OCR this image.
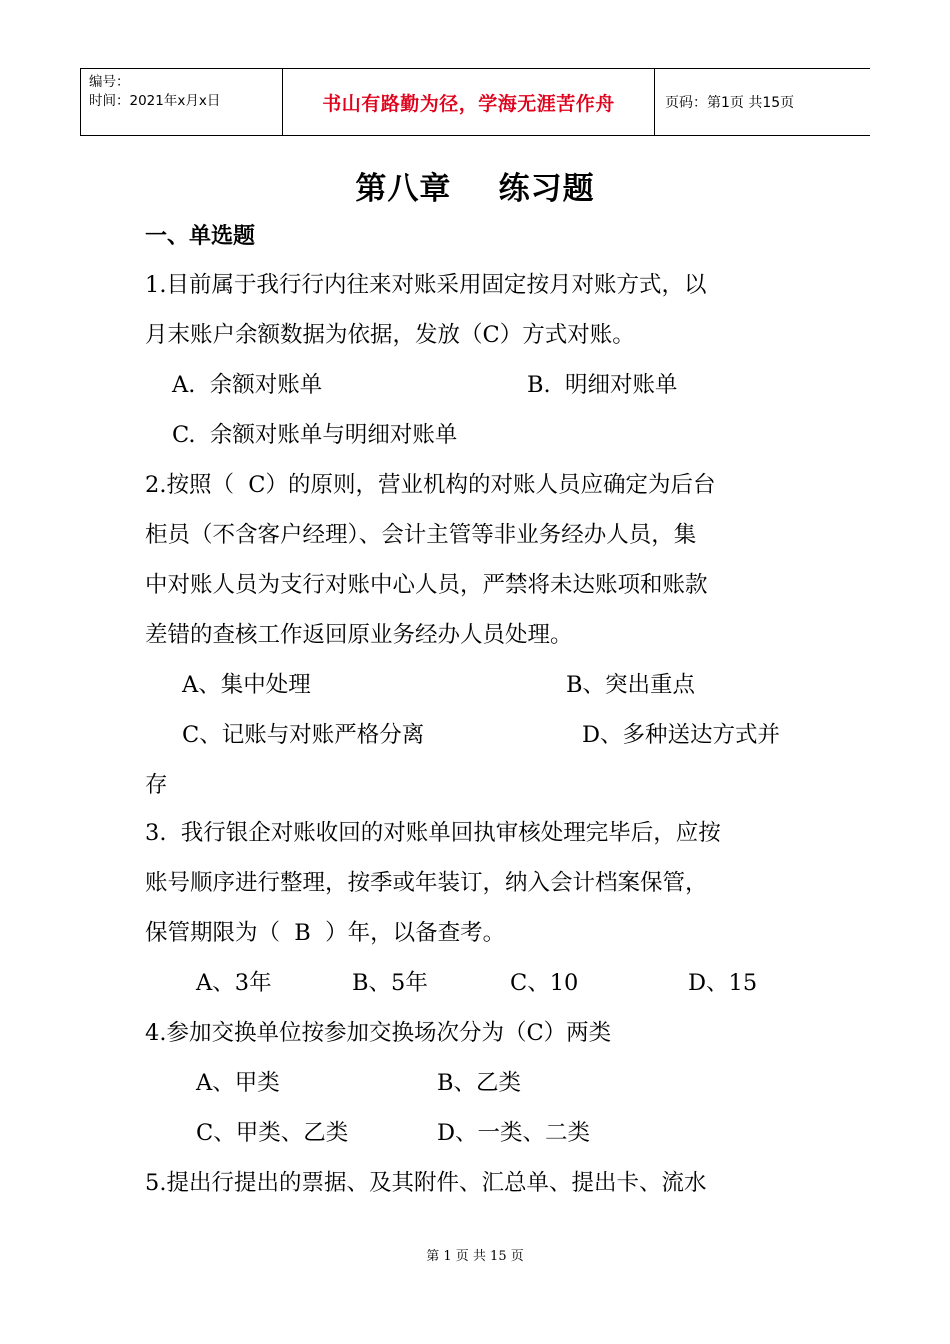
编号：
时间：2021年x月x日	书山有路勤为径，学海无涯苦作舟	页码：第1页 共15页
第八章    练习题
一、单选题
1.目前属于我行行内往来对账采用固定按月对账方式，以
月末账户余额数据为依据，发放（C）方式对账。
A.  余额对账单	B.  明细对账单
C.  余额对账单与明细对账单
2.按照（  C）的原则，营业机构的对账人员应确定为后台
柜员（不含客户经理）、会计主管等非业务经办人员，集
中对账人员为支行对账中心人员，严禁将未达账项和账款
差错的查核工作返回原业务经办人员处理。
A、集中处理	B、突出重点
C、记账与对账严格分离	D、多种送达方式并
存
3.  我行银企对账收回的对账单回执审核处理完毕后，应按
账号顺序进行整理，按季或年装订，纳入会计档案保管，
保管期限为（  B  ）年，以备查考。
A、3年	B、5年	C、10	D、15
4.参加交换单位按参加交换场次分为（C）两类
A、甲类	B、乙类
C、甲类、乙类	D、一类、二类
5.提出行提出的票据、及其附件、汇总单、提出卡、流水
第 1 页 共 15 页
